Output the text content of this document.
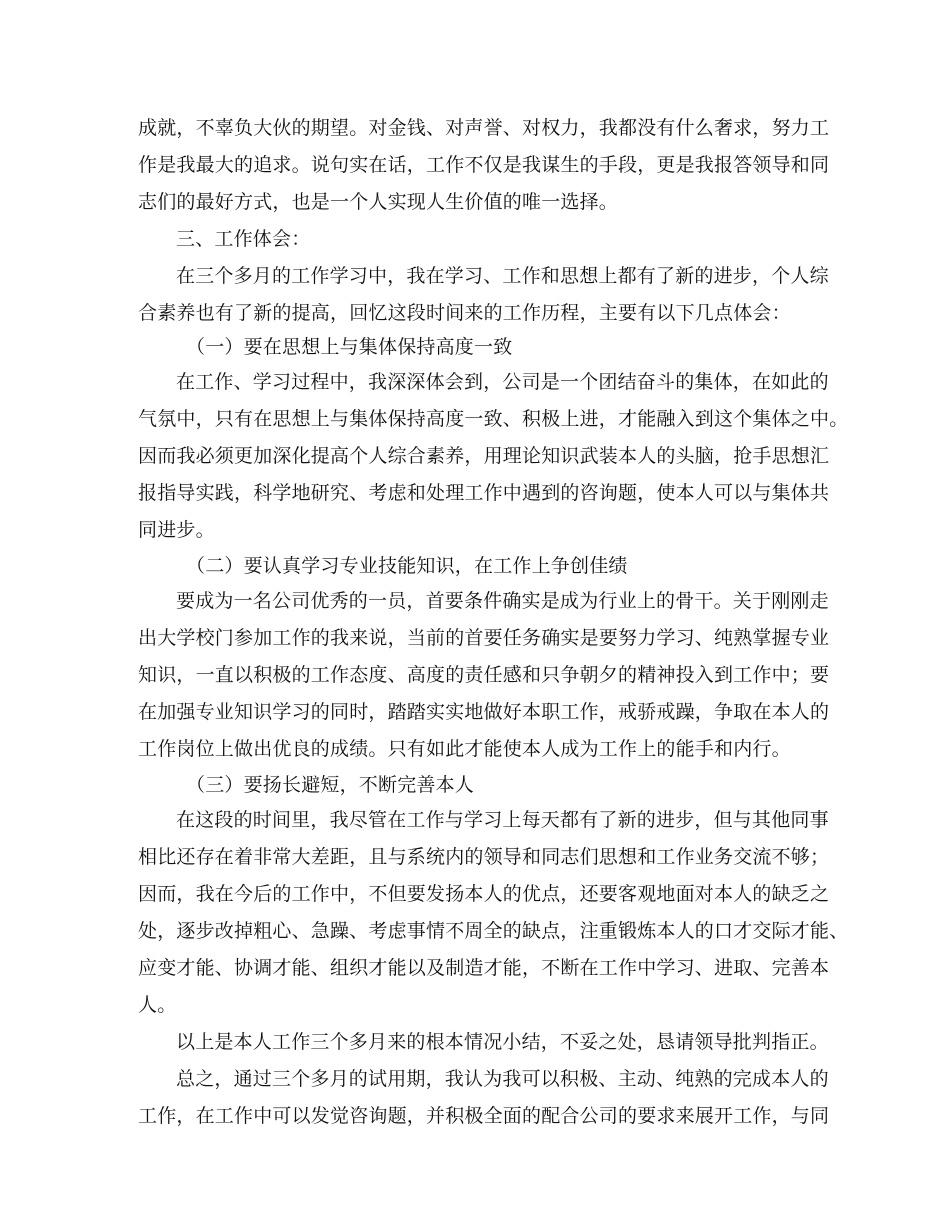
成就，不辜负大伙的期望。对金钱、对声誉、对权力，我都没有什么奢求，努力工

作是我最大的追求。说句实在话，工作不仅是我谋生的手段，更是我报答领导和同

志们的最好方式，也是一个人实现人生价值的唯一选择。

三、工作体会：

在三个多月的工作学习中，我在学习、工作和思想上都有了新的进步，个人综

合素养也有了新的提高，回忆这段时间来的工作历程，主要有以下几点体会：

（一）要在思想上与集体保持高度一致

在工作、学习过程中，我深深体会到，公司是一个团结奋斗的集体，在如此的

气氛中，只有在思想上与集体保持高度一致、积极上进，才能融入到这个集体之中。

因而我必须更加深化提高个人综合素养，用理论知识武装本人的头脑，抢手思想汇

报指导实践，科学地研究、考虑和处理工作中遇到的咨询题，使本人可以与集体共

同进步。

（二）要认真学习专业技能知识，在工作上争创佳绩

要成为一名公司优秀的一员，首要条件确实是成为行业上的骨干。关于刚刚走

出大学校门参加工作的我来说，当前的首要任务确实是要努力学习、纯熟掌握专业

知识，一直以积极的工作态度、高度的责任感和只争朝夕的精神投入到工作中；要

在加强专业知识学习的同时，踏踏实实地做好本职工作，戒骄戒躁，争取在本人的

工作岗位上做出优良的成绩。只有如此才能使本人成为工作上的能手和内行。

（三）要扬长避短，不断完善本人

在这段的时间里，我尽管在工作与学习上每天都有了新的进步，但与其他同事

相比还存在着非常大差距，且与系统内的领导和同志们思想和工作业务交流不够；

因而，我在今后的工作中，不但要发扬本人的优点，还要客观地面对本人的缺乏之

处，逐步改掉粗心、急躁、考虑事情不周全的缺点，注重锻炼本人的口才交际才能、

应变才能、协调才能、组织才能以及制造才能，不断在工作中学习、进取、完善本

人。

以上是本人工作三个多月来的根本情况小结，不妥之处，恳请领导批判指正。

总之，通过三个多月的试用期，我认为我可以积极、主动、纯熟的完成本人的

工作，在工作中可以发觉咨询题，并积极全面的配合公司的要求来展开工作，与同
